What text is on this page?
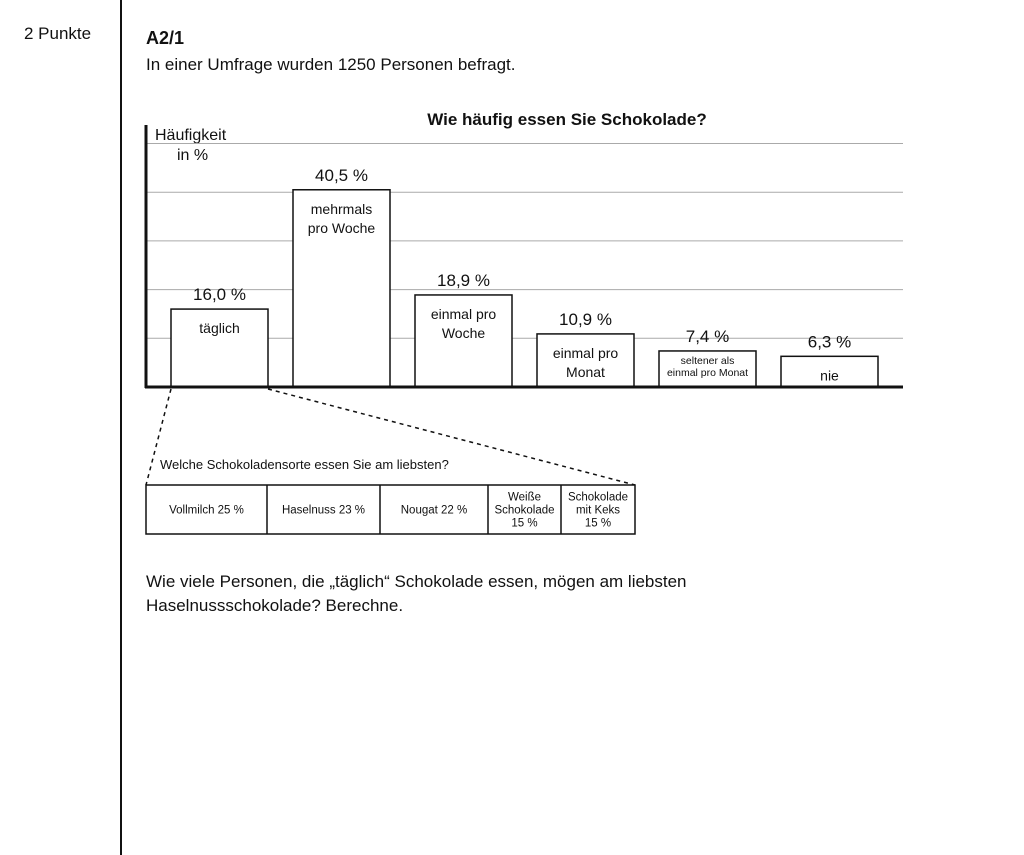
2 Punkte	A2/1
In einer Umfrage wurden 1250 Personen befragt.
Wie häufig essen Sie Schokolade?
Häufigkeit
in %
16,0 %
täglich
40,5 %
mehrmals
pro Woche
18,9 %
einmal pro
Woche
10,9 %
einmal pro
Monat
7,4 %
seltener als
einmal pro Monat
6,3 %
nie
Welche Schokoladensorte essen Sie am liebsten?
Vollmilch 25 %	Haselnuss 23 %	Nougat 22 %
Weiße
Schokolade
15 %
Schokolade
mit Keks
15 %
Wie viele Personen, die „täglich“ Schokolade essen, mögen am liebsten
Haselnussschokolade? Berechne.
